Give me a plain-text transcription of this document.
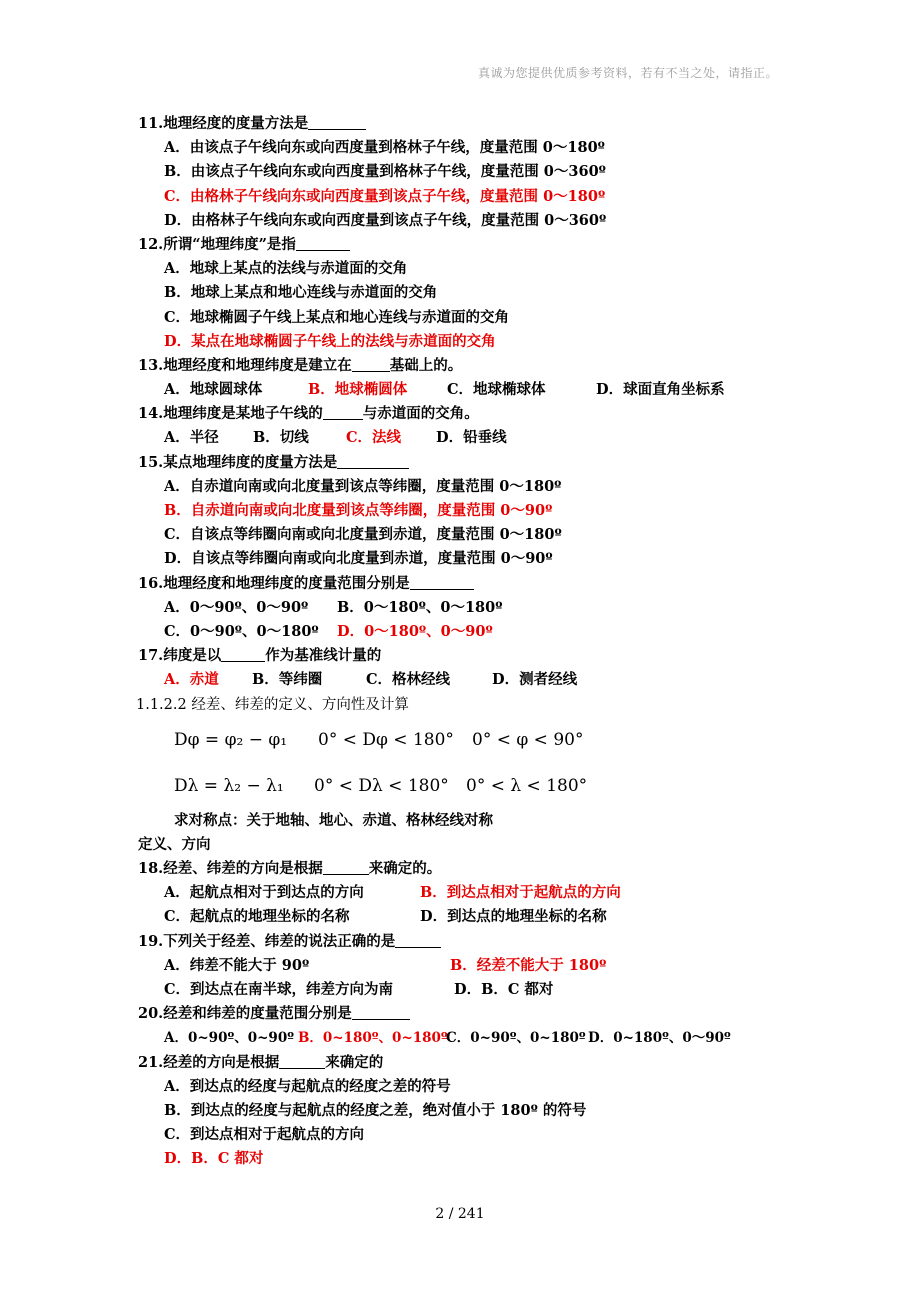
真诚为您提供优质参考资料，若有不当之处，请指正。
11.地理经度的度量方法是
A．由该点子午线向东或向西度量到格林子午线，度量范围 0～180º
B．由该点子午线向东或向西度量到格林子午线，度量范围 0～360º
C．由格林子午线向东或向西度量到该点子午线，度量范围 0～180º
D．由格林子午线向东或向西度量到该点子午线，度量范围 0～360º
12.所谓“地理纬度”是指
A．地球上某点的法线与赤道面的交角
B．地球上某点和地心连线与赤道面的交角
C．地球椭圆子午线上某点和地心连线与赤道面的交角
D．某点在地球椭圆子午线上的法线与赤道面的交角
13.地理经度和地理纬度是建立在	基础上的。
A．地球圆球体	B．地球椭圆体	C．地球椭球体	D．球面直角坐标系
14.地理纬度是某地子午线的	与赤道面的交角。
A．半径 B．切线	C．法线 D．铅垂线
15.某点地理纬度的度量方法是
A．自赤道向南或向北度量到该点等纬圈，度量范围 0～180º
B．自赤道向南或向北度量到该点等纬圈，度量范围 0～90º
C．自该点等纬圈向南或向北度量到赤道，度量范围 0～180º
D．自该点等纬圈向南或向北度量到赤道，度量范围 0～90º
16.地理经度和地理纬度的度量范围分别是
A．0～90º、0～90º B．0～180º、0～180º
C．0～90º、0～180º D．0～180º、0～90º
17.纬度是以	作为基准线计量的
A．赤道 B．等纬圈	C．格林经线	D．测者经线
1.1.2.2 经差、纬差的定义、方向性及计算
Dφ = φ₂ − φ₁ 0° < Dφ < 180° 0° < φ < 90°
Dλ = λ₂ − λ₁ 0° < Dλ < 180° 0° < λ < 180°
求对称点：关于地轴、地心、赤道、格林经线对称
定义、方向
18.经差、纬差的方向是根据	来确定的。
A．起航点相对于到达点的方向	B．到达点相对于起航点的方向
C．起航点的地理坐标的名称	D．到达点的地理坐标的名称
19.下列关于经差、纬差的说法正确的是
A．纬差不能大于 90º	B．经差不能大于 180º
C．到达点在南半球，纬差方向为南	D．B．C 都对
20.经差和纬差的度量范围分别是
A．0~90º、0~90º B．0~180º、0~180ºC．0~90º、0~180º D．0~180º、0～90º
21.经差的方向是根据	来确定的
A．到达点的经度与起航点的经度之差的符号
B．到达点的经度与起航点的经度之差，绝对值小于 180º 的符号
C．到达点相对于起航点的方向
D．B．C 都对
2 / 241
